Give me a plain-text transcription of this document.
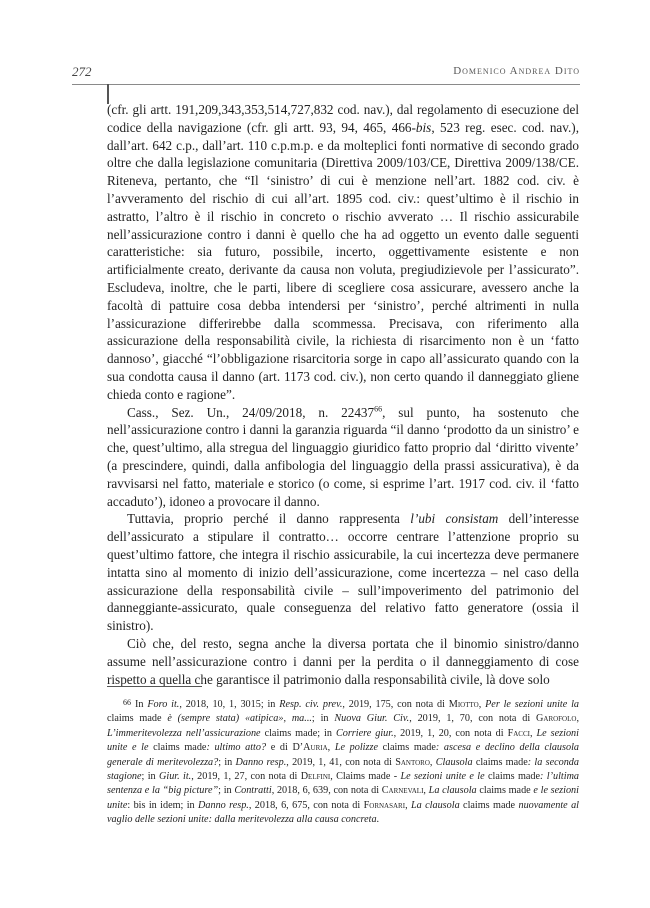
272	Domenico Andrea Dito

(cfr. gli artt. 191,209,343,353,514,727,832 cod. nav.), dal regolamento di esecuzione del codice della navigazione (cfr. gli artt. 93, 94, 465, 466-bis, 523 reg. esec. cod. nav.), dall’art. 642 c.p., dall’art. 110 c.p.m.p. e da molteplici fonti normative di secondo grado oltre che dalla legislazione comunitaria (Direttiva 2009/103/CE, Direttiva 2009/138/CE. Riteneva, pertanto, che “Il ‘sinistro’ di cui è menzione nell’art. 1882 cod. civ. è l’avveramento del rischio di cui all’art. 1895 cod. civ.: quest’ultimo è il rischio in astratto, l’altro è il rischio in concreto o rischio avverato … Il rischio assicurabile nell’assicurazione contro i danni è quello che ha ad oggetto un evento dalle seguenti caratteristiche: sia futuro, possibile, incerto, oggettivamente esistente e non artificialmente creato, derivante da causa non voluta, pregiudizievole per l’assicurato”. Escludeva, inoltre, che le parti, libere di scegliere cosa assicurare, avessero anche la facoltà di pattuire cosa debba intendersi per ‘sinistro’, perché altrimenti in nulla l’assicurazione differirebbe dalla scommessa. Precisava, con riferimento alla assicurazione della responsabilità civile, la richiesta di risarcimento non è un ‘fatto dannoso’, giacché “l’obbligazione risarcitoria sorge in capo all’assicurato quando con la sua condotta causa il danno (art. 1173 cod. civ.), non certo quando il danneggiato gliene chieda conto e ragione”.

Cass., Sez. Un., 24/09/2018, n. 22437$^{66}$, sul punto, ha sostenuto che nell’assicurazione contro i danni la garanzia riguarda “il danno ‘prodotto da un sinistro’ e che, quest’ultimo, alla stregua del linguaggio giuridico fatto proprio dal ‘diritto vivente’ (a prescindere, quindi, dalla anfibologia del linguaggio della prassi assicurativa), è da ravvisarsi nel fatto, materiale e storico (o come, si esprime l’art. 1917 cod. civ. il ‘fatto accaduto’), idoneo a provocare il danno.

Tuttavia, proprio perché il danno rappresenta l’ubi consistam dell’interesse dell’assicurato a stipulare il contratto… occorre centrare l’attenzione proprio su quest’ultimo fattore, che integra il rischio assicurabile, la cui incertezza deve permanere intatta sino al momento di inizio dell’assicurazione, come incertezza – nel caso della assicurazione della responsabilità civile – sull’impoverimento del patrimonio del danneggiante-assicurato, quale conseguenza del relativo fatto generatore (ossia il sinistro).

Ciò che, del resto, segna anche la diversa portata che il binomio sinistro/danno assume nell’assicurazione contro i danni per la perdita o il danneggiamento di cose rispetto a quella che garantisce il patrimonio dalla responsabilità civile, là dove solo

66 In Foro it., 2018, 10, 1, 3015; in Resp. civ. prev., 2019, 175, con nota di Miotto, Per le sezioni unite la claims made è (sempre stata) «atipica», ma...; in Nuova Giur. Civ., 2019, 1, 70, con nota di Garofolo, L’immeritevolezza nell’assicurazione claims made; in Corriere giur., 2019, 1, 20, con nota di Facci, Le sezioni unite e le claims made: ultimo atto? e di D’Auria, Le polizze claims made: ascesa e declino della clausola generale di meritevolezza?; in Danno resp., 2019, 1, 41, con nota di Santoro, Clausola claims made: la seconda stagione; in Giur. it., 2019, 1, 27, con nota di Delfini, Claims made - Le sezioni unite e le claims made: l’ultima sentenza e la “big picture”; in Contratti, 2018, 6, 639, con nota di Carnevali, La clausola claims made e le sezioni unite: bis in idem; in Danno resp., 2018, 6, 675, con nota di Fornasari, La clausola claims made nuovamente al vaglio delle sezioni unite: dalla meritevolezza alla causa concreta.
